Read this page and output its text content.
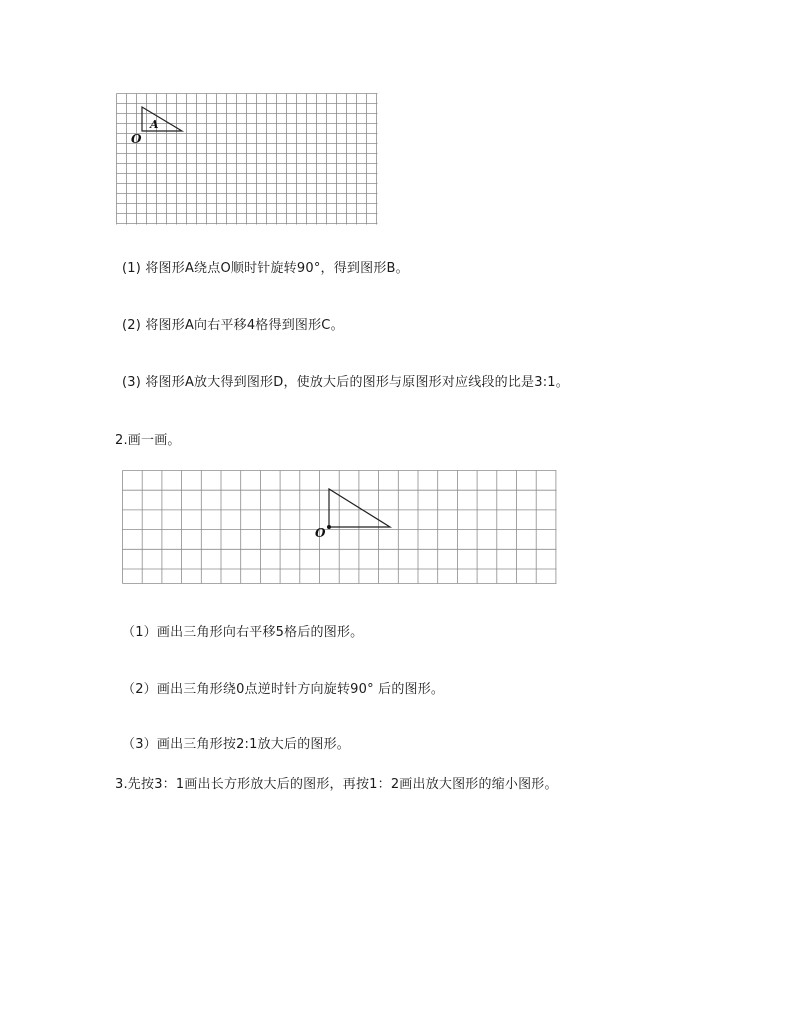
A
O
(1) 将图形A绕点O顺时针旋转90°，得到图形B。
(2) 将图形A向右平移4格得到图形C。
(3) 将图形A放大得到图形D，使放大后的图形与原图形对应线段的比是3:1。
2.画一画。
O
（1）画出三角形向右平移5格后的图形。
（2）画出三角形绕0点逆时针方向旋转90° 后的图形。
（3）画出三角形按2:1放大后的图形。
3.先按3：1画出长方形放大后的图形，再按1：2画出放大图形的缩小图形。
